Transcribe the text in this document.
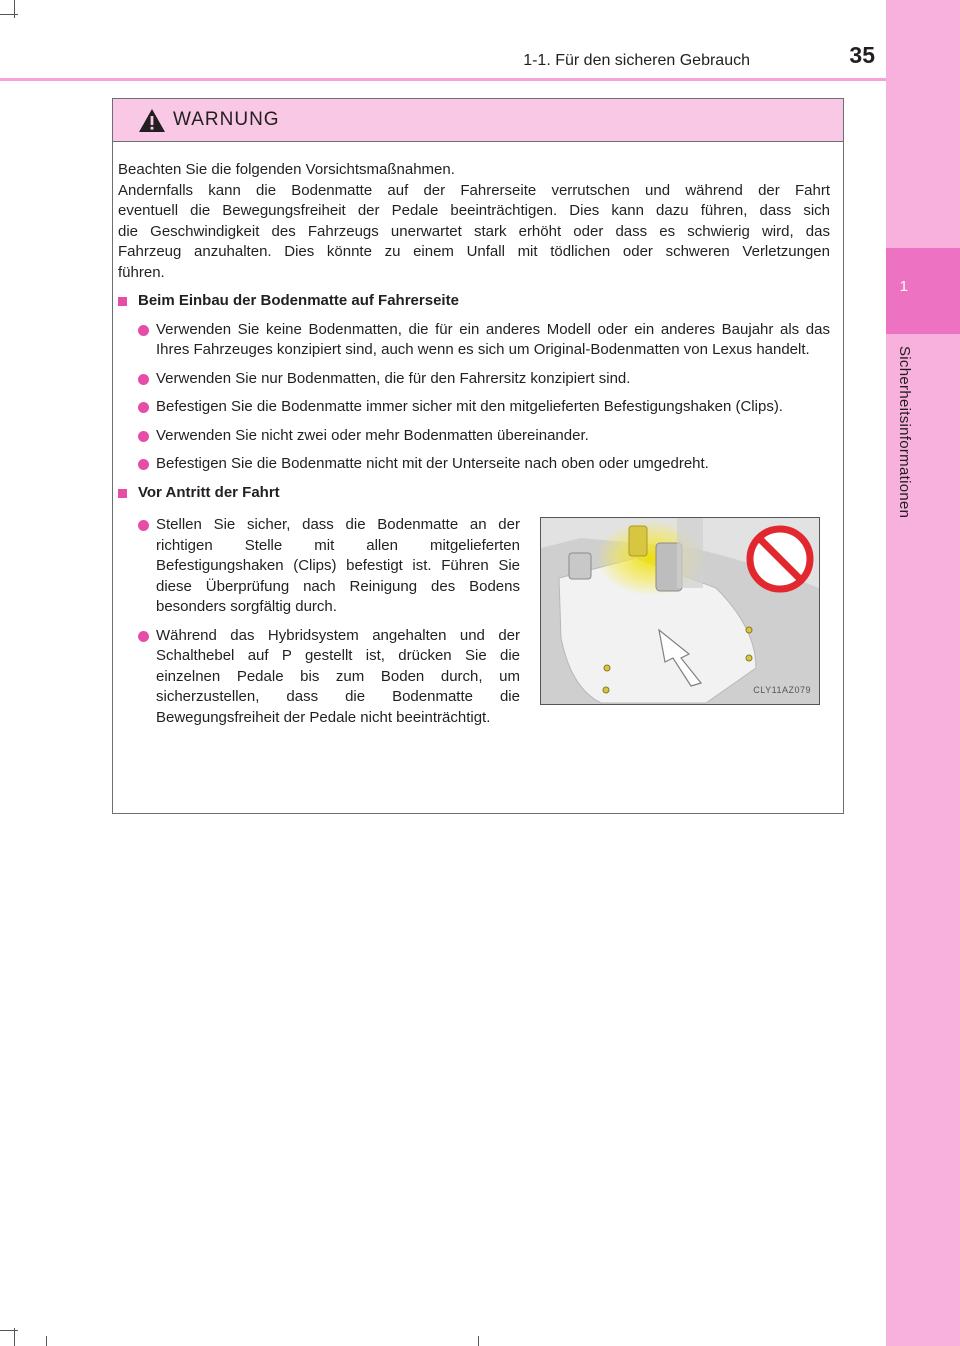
1
Sicherheitsinformationen
1-1. Für den sicheren Gebrauch	35
WARNUNG
Beachten Sie die folgenden Vorsichtsmaßnahmen.
Andernfalls kann die Bodenmatte auf der Fahrerseite verrutschen und während der Fahrt
eventuell die Bewegungsfreiheit der Pedale beeinträchtigen. Dies kann dazu führen, dass sich
die Geschwindigkeit des Fahrzeugs unerwartet stark erhöht oder dass es schwierig wird, das
Fahrzeug anzuhalten. Dies könnte zu einem Unfall mit tödlichen oder schweren Verletzungen
führen.
Beim Einbau der Bodenmatte auf Fahrerseite
Verwenden Sie keine Bodenmatten, die für ein anderes Modell oder ein anderes Baujahr als das Ihres Fahrzeuges konzipiert sind, auch wenn es sich um Original-Bodenmatten von Lexus handelt.
Verwenden Sie nur Bodenmatten, die für den Fahrersitz konzipiert sind.
Befestigen Sie die Bodenmatte immer sicher mit den mitgelieferten Befestigungshaken (Clips).
Verwenden Sie nicht zwei oder mehr Bodenmatten übereinander.
Befestigen Sie die Bodenmatte nicht mit der Unterseite nach oben oder umgedreht.
Vor Antritt der Fahrt
Stellen Sie sicher, dass die Bodenmatte an der richtigen Stelle mit allen mitgelieferten Befestigungshaken (Clips) befestigt ist. Führen Sie diese Überprüfung nach Reinigung des Bodens besonders sorgfältig durch.
Während das Hybridsystem angehalten und der Schalthebel auf P gestellt ist, drücken Sie die einzelnen Pedale bis zum Boden durch, um sicherzustellen, dass die Bodenmatte die Bewegungsfreiheit der Pedale nicht beeinträchtigt.
CLY11AZ079
